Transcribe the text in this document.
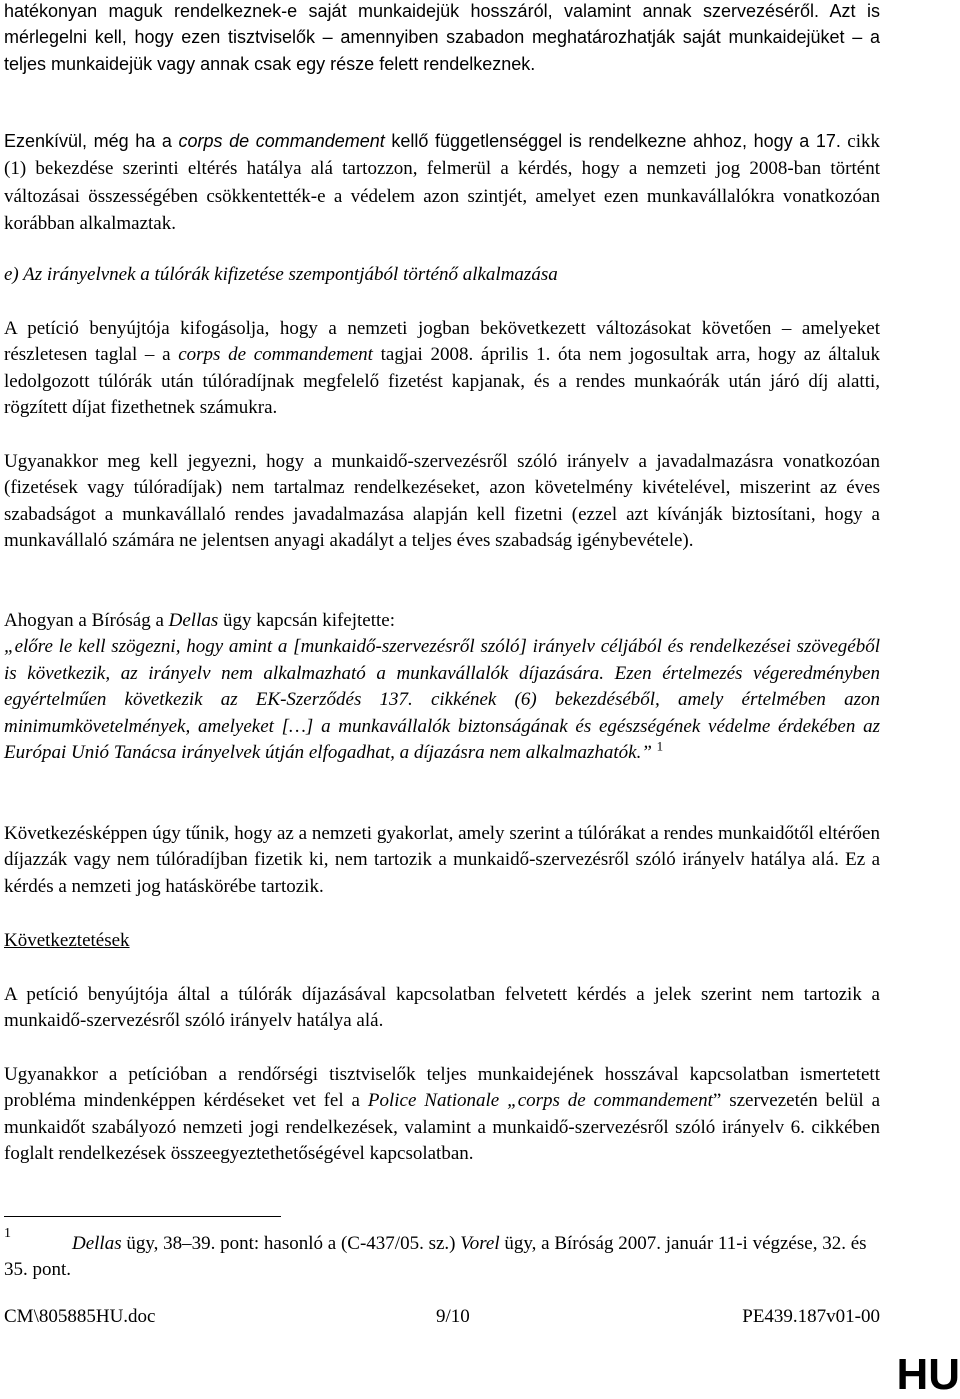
hatékonyan maguk rendelkeznek-e saját munkaidejük hosszáról, valamint annak szervezéséről. Azt is mérlegelni kell, hogy ezen tisztviselők – amennyiben szabadon meghatározhatják saját munkaidejüket – a teljes munkaidejük vagy annak csak egy része felett rendelkeznek.

Ezenkívül, még ha a corps de commandement kellő függetlenséggel is rendelkezne ahhoz, hogy a 17. cikk (1) bekezdése szerinti eltérés hatálya alá tartozzon, felmerül a kérdés, hogy a nemzeti jog 2008-ban történt változásai összességében csökkentették-e a védelem azon szintjét, amelyet ezen munkavállalókra vonatkozóan korábban alkalmaztak.

e) Az irányelvnek a túlórák kifizetése szempontjából történő alkalmazása

A petíció benyújtója kifogásolja, hogy a nemzeti jogban bekövetkezett változásokat követően – amelyeket részletesen taglal – a corps de commandement tagjai 2008. április 1. óta nem jogosultak arra, hogy az általuk ledolgozott túlórák után túlóradíjnak megfelelő fizetést kapjanak, és a rendes munkaórák után járó díj alatti, rögzített díjat fizethetnek számukra.

Ugyanakkor meg kell jegyezni, hogy a munkaidő-szervezésről szóló irányelv a javadalmazásra vonatkozóan (fizetések vagy túlóradíjak) nem tartalmaz rendelkezéseket, azon követelmény kivételével, miszerint az éves szabadságot a munkavállaló rendes javadalmazása alapján kell fizetni (ezzel azt kívánják biztosítani, hogy a munkavállaló számára ne jelentsen anyagi akadályt a teljes éves szabadság igénybevétele).

Ahogyan a Bíróság a Dellas ügy kapcsán kifejtette:
„előre le kell szögezni, hogy amint a [munkaidő-szervezésről szóló] irányelv céljából és rendelkezései szövegéből is következik, az irányelv nem alkalmazható a munkavállalók díjazására. Ezen értelmezés végeredményben egyértelműen következik az EK-Szerződés 137. cikkének (6) bekezdéséből, amely értelmében azon minimumkövetelmények, amelyeket […] a munkavállalók biztonságának és egészségének védelme érdekében az Európai Unió Tanácsa irányelvek útján elfogadhat, a díjazásra nem alkalmazhatók.” $^1$

Következésképpen úgy tűnik, hogy az a nemzeti gyakorlat, amely szerint a túlórákat a rendes munkaidőtől eltérően díjazzák vagy nem túlóradíjban fizetik ki, nem tartozik a munkaidő-szervezésről szóló irányelv hatálya alá. Ez a kérdés a nemzeti jog hatáskörébe tartozik.

Következtetések

A petíció benyújtója által a túlórák díjazásával kapcsolatban felvetett kérdés a jelek szerint nem tartozik a munkaidő-szervezésről szóló irányelv hatálya alá.

Ugyanakkor a petícióban a rendőrségi tisztviselők teljes munkaidejének hosszával kapcsolatban ismertetett probléma mindenképpen kérdéseket vet fel a Police Nationale „corps de commandement” szervezetén belül a munkaidőt szabályozó nemzeti jogi rendelkezések, valamint a munkaidő-szervezésről szóló irányelv 6. cikkében foglalt rendelkezések összeegyeztethetőségével kapcsolatban.

1	Dellas ügy, 38–39. pont: hasonló a (C-437/05. sz.) Vorel ügy, a Bíróság 2007. január 11-i végzése, 32. és 35. pont.

CM\805885HU.doc	9/10	PE439.187v01-00
HU
